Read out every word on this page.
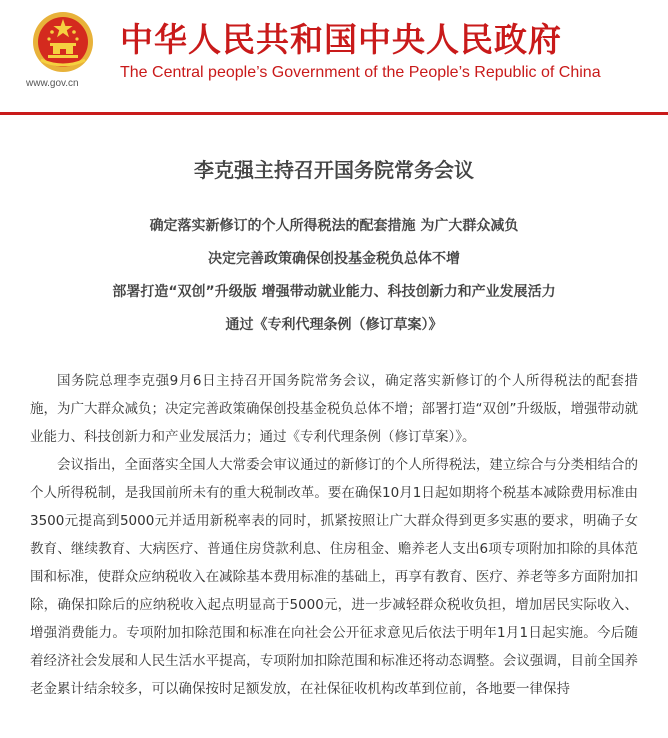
www.gov.cn
中华人民共和国中央人民政府
The Central people’s Government of the People’s Republic of China
李克强主持召开国务院常务会议
确定落实新修订的个人所得税法的配套措施 为广大群众减负
决定完善政策确保创投基金税负总体不增
部署打造“双创”升级版 增强带动就业能力、科技创新力和产业发展活力
通过《专利代理条例（修订草案）》

国务院总理李克强9月6日主持召开国务院常务会议，确定落实新修订的个人所得税法的配套措施，为广大群众减负；决定完善政策确保创投基金税负总体不增；部署打造“双创”升级版，增强带动就业能力、科技创新力和产业发展活力；通过《专利代理条例（修订草案）》。

会议指出，全面落实全国人大常委会审议通过的新修订的个人所得税法，建立综合与分类相结合的个人所得税制，是我国前所未有的重大税制改革。要在确保10月1日起如期将个税基本减除费用标准由3500元提高到5000元并适用新税率表的同时，抓紧按照让广大群众得到更多实惠的要求，明确子女教育、继续教育、大病医疗、普通住房贷款利息、住房租金、赡养老人支出6项专项附加扣除的具体范围和标准，使群众应纳税收入在减除基本费用标准的基础上，再享有教育、医疗、养老等多方面附加扣除，确保扣除后的应纳税收入起点明显高于5000元，进一步减轻群众税收负担，增加居民实际收入、增强消费能力。专项附加扣除范围和标准在向社会公开征求意见后依法于明年1月1日起实施。今后随着经济社会发展和人民生活水平提高，专项附加扣除范围和标准还将动态调整。会议强调，目前全国养老金累计结余较多，可以确保按时足额发放，在社保征收机构改革到位前，各地要一律保持
